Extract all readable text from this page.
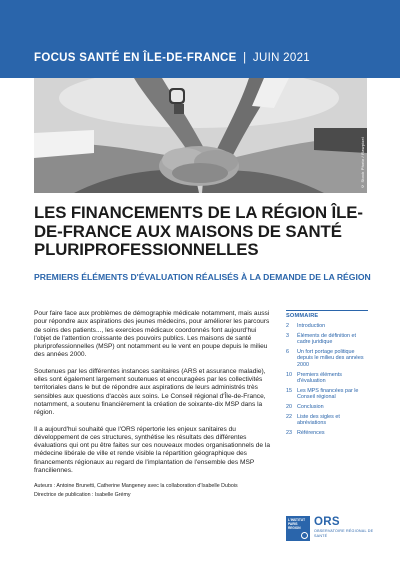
FOCUS SANTÉ EN ÎLE-DE-FRANCE | JUIN 2021
© Stock Photo / Rawpixel
LES FINANCEMENTS DE LA RÉGION ÎLE-DE-FRANCE AUX MAISONS DE SANTÉ PLURIPROFESSIONNELLES
PREMIERS ÉLÉMENTS D'ÉVALUATION RÉALISÉS À LA DEMANDE DE LA RÉGION

Pour faire face aux problèmes de démographie médicale notamment, mais aussi pour répondre aux aspirations des jeunes médecins, pour améliorer les parcours de soins des patients..., les exercices médicaux coordonnés font aujourd'hui l'objet de l'attention croissante des pouvoirs publics. Les maisons de santé pluriprofessionnelles (MSP) ont notamment eu le vent en poupe depuis le milieu des années 2000.

Soutenues par les différentes instances sanitaires (ARS et assurance maladie), elles sont également largement soutenues et encouragées par les collectivités territoriales dans le but de répondre aux aspirations de leurs administrés très sensibles aux questions d'accès aux soins. Le Conseil régional d'Île-de-France, notamment, a soutenu financièrement la création de soixante-dix MSP dans la région.

Il a aujourd'hui souhaité que l'ORS répertorie les enjeux sanitaires du développement de ces structures, synthétise les résultats des différentes évaluations qui ont pu être faites sur ces nouveaux modes organisationnels de la médecine libérale de ville et rende visible la répartition géographique des financements régionaux au regard de l'implantation de l'ensemble des MSP franciliennes.

Auteurs : Antoine Brunetti, Catherine Mangeney avec la collaboration d'Isabelle Dubois
Directrice de publication : Isabelle Grémy
SOMMAIRE
2	Introduction
3	Éléments de définition et cadre juridique
6	Un fort portage politique depuis le milieu des années 2000
10 Premiers éléments d'évaluation
15 Les MPS financées par le Conseil régional
20 Conclusion
22 Liste des sigles et abréviations
23 Références
L'INSTITUT PARIS REGION	ORS
OBSERVATOIRE RÉGIONAL DE SANTÉ
